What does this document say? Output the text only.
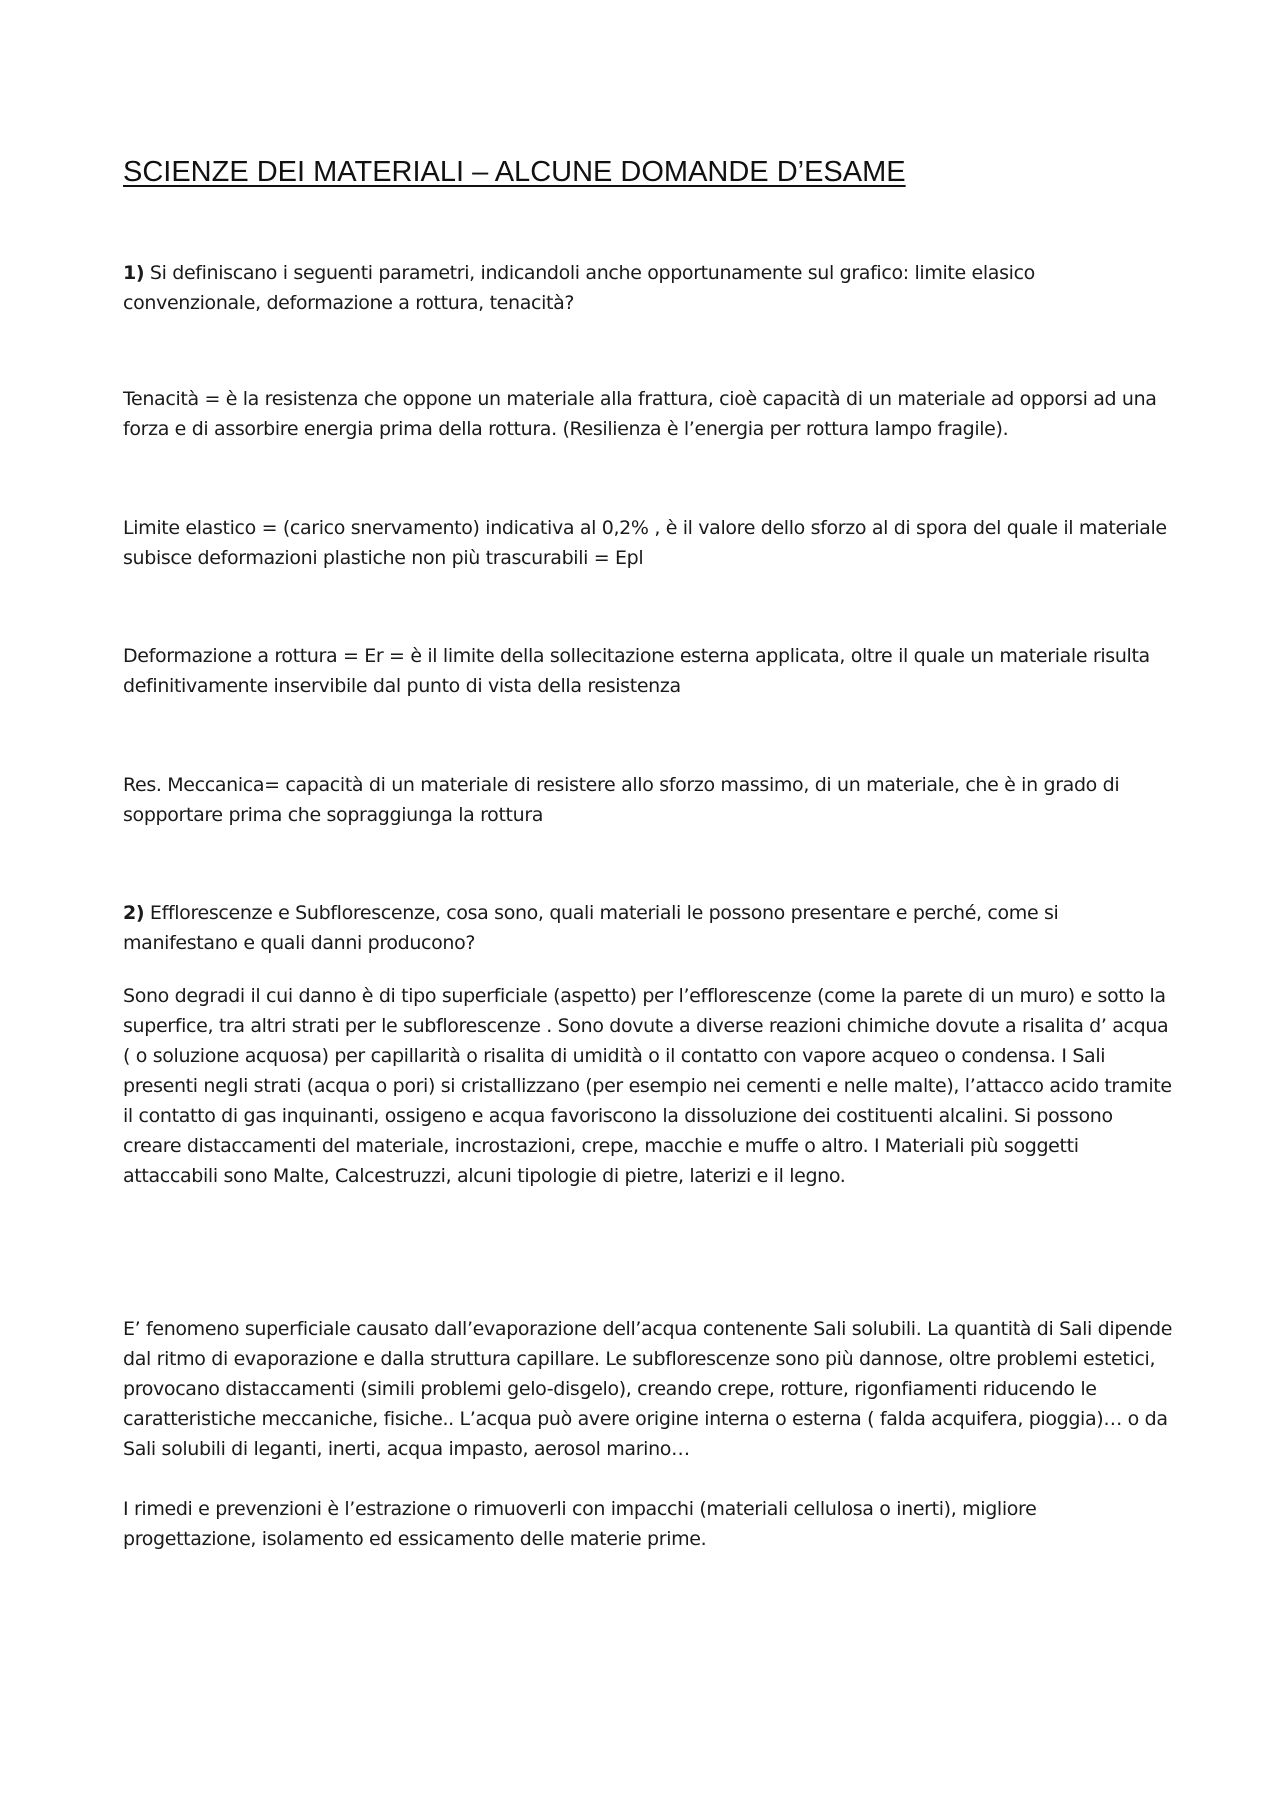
SCIENZE DEI MATERIALI – ALCUNE DOMANDE D’ESAME

1) Si definiscano i seguenti parametri, indicandoli anche opportunamente sul grafico: limite elasico convenzionale, deformazione a rottura, tenacità?

Tenacità = è la resistenza che oppone un materiale alla frattura, cioè capacità di un materiale ad opporsi ad una forza e di assorbire energia prima della rottura. (Resilienza è l’energia per rottura lampo fragile).

Limite elastico = (carico snervamento) indicativa al 0,2% , è il valore dello sforzo al di spora del quale il materiale subisce deformazioni plastiche non più trascurabili = Epl

Deformazione a rottura = Er = è il limite della sollecitazione esterna applicata, oltre il quale un materiale risulta definitivamente inservibile dal punto di vista della resistenza

Res. Meccanica= capacità di un materiale di resistere allo sforzo massimo, di un materiale, che è in grado di sopportare prima che sopraggiunga la rottura

2) Efflorescenze e Subflorescenze, cosa sono, quali materiali le possono presentare e perché, come si manifestano e quali danni producono?

Sono degradi il cui danno è di tipo superficiale (aspetto) per l’efflorescenze (come la parete di un muro) e sotto la superfice, tra altri strati per le subflorescenze . Sono dovute a diverse reazioni chimiche dovute a risalita d’ acqua ( o soluzione acquosa) per capillarità o risalita di umidità o il contatto con vapore acqueo o condensa. I Sali presenti negli strati (acqua o pori) si cristallizzano (per esempio nei cementi e nelle malte), l’attacco acido tramite il contatto di gas inquinanti, ossigeno e acqua favoriscono la dissoluzione dei costituenti alcalini. Si possono creare distaccamenti del materiale, incrostazioni, crepe, macchie e muffe o altro. I Materiali più soggetti attaccabili sono Malte, Calcestruzzi, alcuni tipologie di pietre, laterizi e il legno.

E’ fenomeno superficiale causato dall’evaporazione dell’acqua contenente Sali solubili. La quantità di Sali dipende dal ritmo di evaporazione e dalla struttura capillare. Le subflorescenze sono più dannose, oltre problemi estetici, provocano distaccamenti (simili problemi gelo-disgelo), creando crepe, rotture, rigonfiamenti riducendo le caratteristiche meccaniche, fisiche.. L’acqua può avere origine interna o esterna ( falda acquifera, pioggia)… o da Sali solubili di leganti, inerti, acqua impasto, aerosol marino…

I rimedi e prevenzioni è l’estrazione o rimuoverli con impacchi (materiali cellulosa o inerti), migliore progettazione, isolamento ed essicamento delle materie prime.
